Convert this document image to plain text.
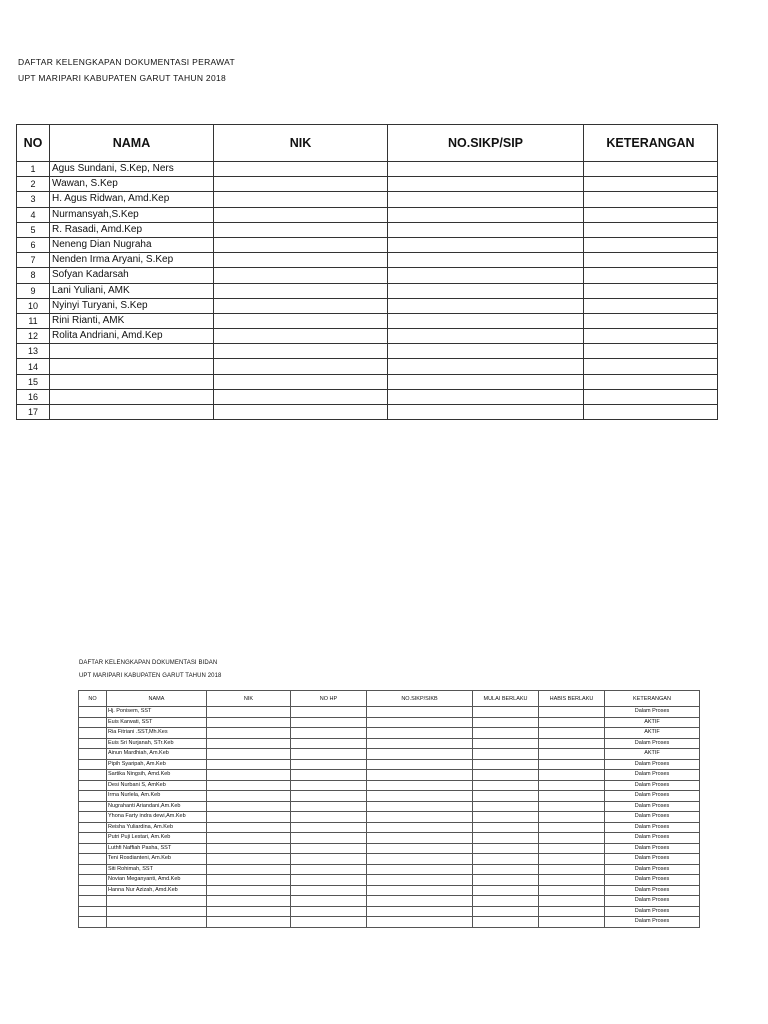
DAFTAR KELENGKAPAN DOKUMENTASI PERAWAT
UPT MARIPARI KABUPATEN GARUT TAHUN 2018
NO	NAMA	NIK	NO.SIKP/SIP	KETERANGAN
1	Agus Sundani, S.Kep, Ners			
2	Wawan, S.Kep			
3	H. Agus Ridwan, Amd.Kep			
4	Nurmansyah,S.Kep			
5	R. Rasadi, Amd.Kep			
6	Neneng Dian Nugraha			
7	Nenden Irma Aryani, S.Kep			
8	Sofyan Kadarsah			
9	Lani Yuliani, AMK			
10	Nyinyi Turyani, S.Kep			
11	Rini Rianti, AMK			
12	Rolita Andriani, Amd.Kep			
13				
14				
15				
16				
17				
DAFTAR KELENGKAPAN DOKUMENTASI BIDAN
UPT MARIPARI KABUPATEN GARUT TAHUN 2018
NO	NAMA	NIK	NO HP	NO.SIKP/SIKB	MULAI BERLAKU	HABIS BERLAKU	KETERANGAN
	Hj. Ponisem, SST						Dalam Proses
	Euis Karwati, SST						AKTIF
	Ria Fitriani .SST,Mh.Kes						AKTIF
	Euis Sri Nurjanah, STr.Keb						Dalam Proses
	Ainun Mardhiah, Am.Keb						AKTIF
	Pipih Syaripah, Am.Keb						Dalam Proses
	Sartika Ningsih, Amd.Keb						Dalam Proses
	Desi Nurbani S, AmKeb						Dalam Proses
	Irma Nurlela, Am.Keb						Dalam Proses
	Nugrahanti Ariandani,Am.Keb						Dalam Proses
	Yhona Farty indra dewi,Am.Keb						Dalam Proses
	Reisha Yuliardina, Am.Keb						Dalam Proses
	Putri Puji Lestari, Am.Keb						Dalam Proses
	Luthfi Naffiah Pasha, SST						Dalam Proses
	Teni Rosdianteni, Am.Keb						Dalam Proses
	Siti Rohimah, SST						Dalam Proses
	Novian Meganyanti, Amd.Keb						Dalam Proses
	Hanna Nur Azizah, Amd.Keb						Dalam Proses
							Dalam Proses
							Dalam Proses
							Dalam Proses
